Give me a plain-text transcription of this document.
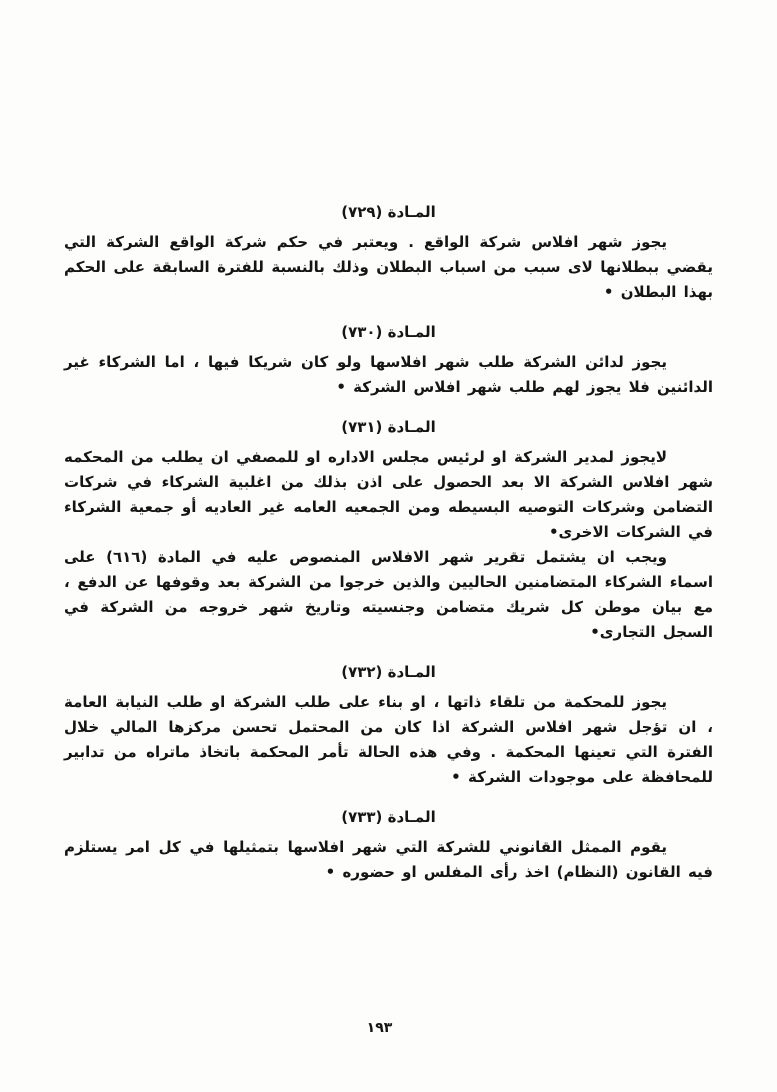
المـادة (٧٢٩)

يجوز شهر افلاس شركة الواقع . ويعتبر في حكم شركة الواقع الشركة التي يقضي ببطلانها لاى سبب من اسباب البطلان وذلك بالنسبة للفترة السابقة على الحكم بهذا البطلان •

المـادة (٧٣٠)

يجوز لدائن الشركة طلب شهر افلاسها ولو كان شريكا فيها ، اما الشركاء غير الدائنين فلا يجوز لهم طلب شهر افلاس الشركة •

المـادة (٧٣١)

لايجوز لمدير الشركة او لرئيس مجلس الاداره او للمصفي ان يطلب من المحكمه شهر افلاس الشركة الا بعد الحصول على اذن بذلك من اغلبية الشركاء في شركات التضامن وشركات التوصيه البسيطه ومن الجمعيه العامه غير العاديه أو جمعية الشركاء في الشركات الاخرى•

ويجب ان يشتمل تقرير شهر الافلاس المنصوص عليه في المادة (٦١٦) على اسماء الشركاء المتضامنين الحاليين والذين خرجوا من الشركة بعد وقوفها عن الدفع ، مع بيان موطن كل شريك متضامن وجنسيته وتاريخ شهر خروجه من الشركة في السجل التجارى•

المـادة (٧٣٢)

يجوز للمحكمة من تلقاء ذاتها ، او بناء على طلب الشركة او طلب النيابة العامة ، ان تؤجل شهر افلاس الشركة اذا كان من المحتمل تحسن مركزها المالي خلال الفترة التي تعينها المحكمة . وفي هذه الحالة تأمر المحكمة باتخاذ ماتراه من تدابير للمحافظة على موجودات الشركة •

المـادة (٧٣٣)

يقوم الممثل القانوني للشركة التي شهر افلاسها بتمثيلها في كل امر يستلزم فيه القانون (النظام) اخذ رأى المفلس او حضوره •

١٩٣
